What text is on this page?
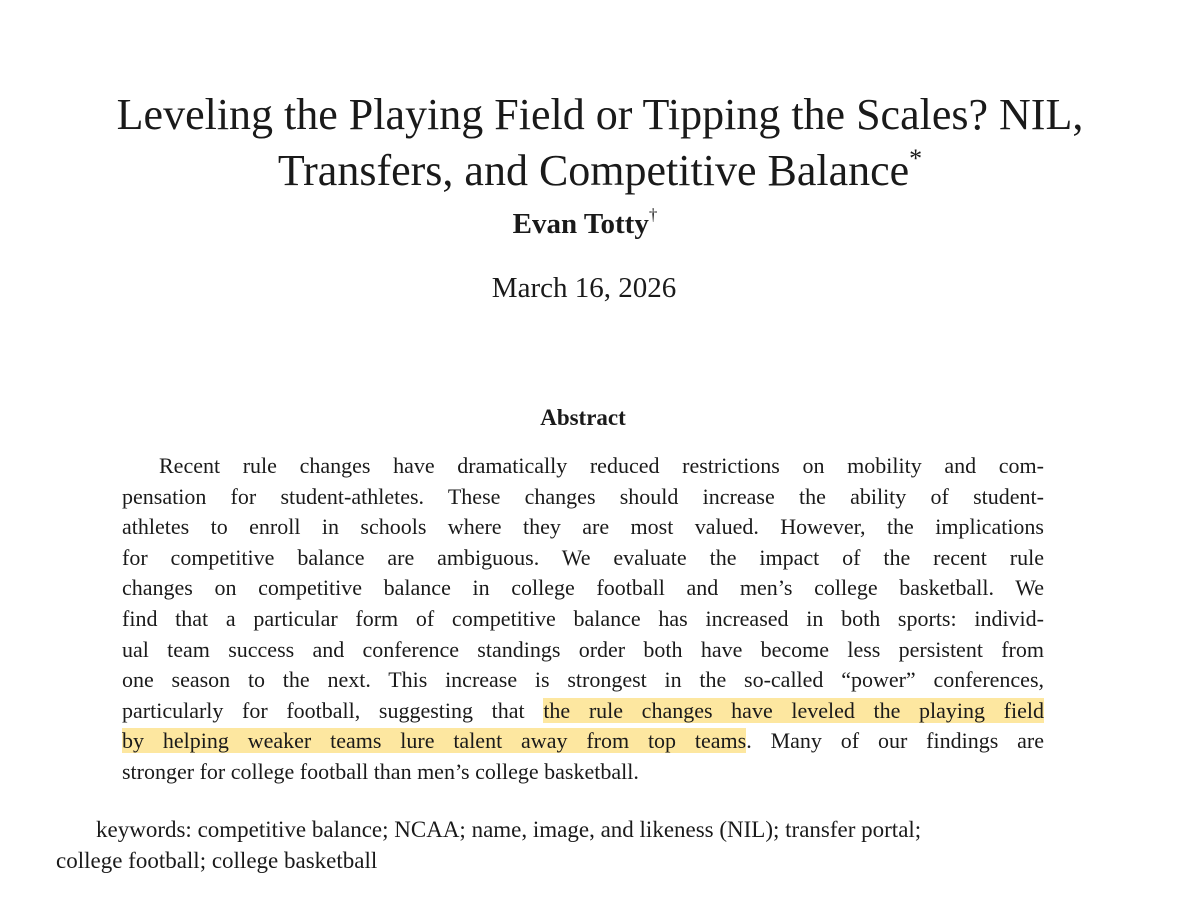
Leveling the Playing Field or Tipping the Scales? NIL,
Transfers, and Competitive Balance*
Evan Totty†
March 16, 2026
Abstract
Recent rule changes have dramatically reduced restrictions on mobility and com-
pensation for student-athletes. These changes should increase the ability of student-
athletes to enroll in schools where they are most valued. However, the implications
for competitive balance are ambiguous. We evaluate the impact of the recent rule
changes on competitive balance in college football and men’s college basketball. We
find that a particular form of competitive balance has increased in both sports: individ-
ual team success and conference standings order both have become less persistent from
one season to the next. This increase is strongest in the so-called “power” conferences,
particularly for football, suggesting that the rule changes have leveled the playing field
by helping weaker teams lure talent away from top teams. Many of our findings are
stronger for college football than men’s college basketball.
keywords: competitive balance; NCAA; name, image, and likeness (NIL); transfer portal;
college football; college basketball
